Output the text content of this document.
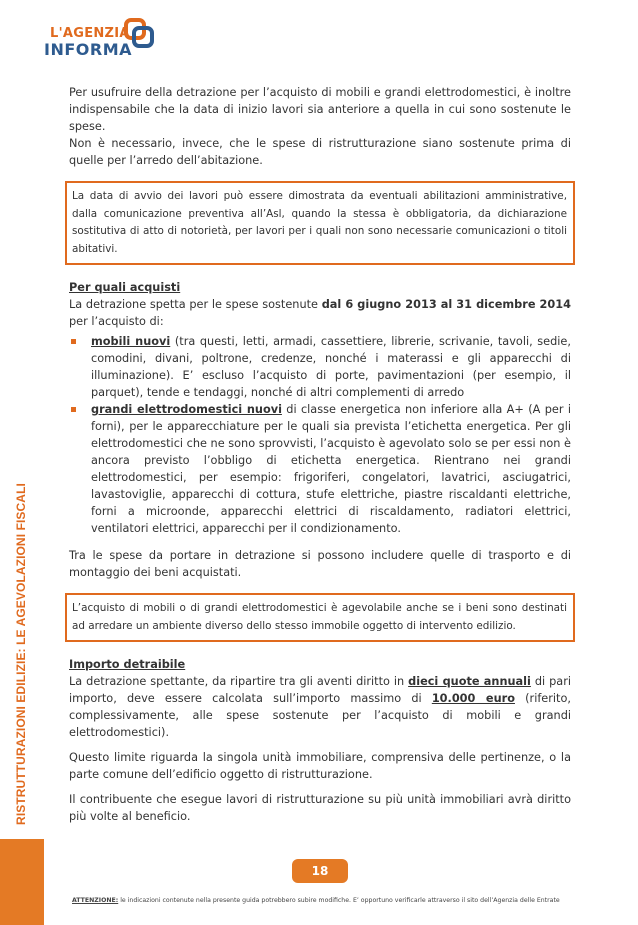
L'AGENZIA
INFORMA
RISTRUTTURAZIONI EDILIZIE: LE AGEVOLAZIONI FISCALI

Per usufruire della detrazione per l’acquisto di mobili e grandi elettrodomestici, è inoltre indispensabile che la data di inizio lavori sia anteriore a quella in cui sono sostenute le spese.

Non è necessario, invece, che le spese di ristrutturazione siano sostenute prima di quelle per l’arredo dell’abitazione.

La data di avvio dei lavori può essere dimostrata da eventuali abilitazioni amministrative, dalla comunicazione preventiva all’Asl, quando la stessa è obbligatoria, da dichiarazione sostitutiva di atto di notorietà, per lavori per i quali non sono necessarie comunicazioni o titoli abitativi.

Per quali acquisti

La detrazione spetta per le spese sostenute dal 6 giugno 2013 al 31 dicembre 2014 per l’acquisto di:

mobili nuovi (tra questi, letti, armadi, cassettiere, librerie, scrivanie, tavoli, sedie, comodini, divani, poltrone, credenze, nonché i materassi e gli apparecchi di illuminazione). E’ escluso l’acquisto di porte, pavimentazioni (per esempio, il parquet), tende e tendaggi, nonché di altri complementi di arredo
grandi elettrodomestici nuovi di classe energetica non inferiore alla A+ (A per i forni), per le apparecchiature per le quali sia prevista l’etichetta energetica. Per gli elettrodomestici che ne sono sprovvisti, l’acquisto è agevolato solo se per essi non è ancora previsto l’obbligo di etichetta energetica. Rientrano nei grandi elettrodomestici, per esempio: frigoriferi, congelatori, lavatrici, asciugatrici, lavastoviglie, apparecchi di cottura, stufe elettriche, piastre riscaldanti elettriche, forni a microonde, apparecchi elettrici di riscaldamento, radiatori elettrici, ventilatori elettrici, apparecchi per il condizionamento.

Tra le spese da portare in detrazione si possono includere quelle di trasporto e di montaggio dei beni acquistati.

L’acquisto di mobili o di grandi elettrodomestici è agevolabile anche se i beni sono destinati ad arredare un ambiente diverso dello stesso immobile oggetto di intervento edilizio.

Importo detraibile

La detrazione spettante, da ripartire tra gli aventi diritto in dieci quote annuali di pari importo, deve essere calcolata sull’importo massimo di 10.000 euro (riferito, complessivamente, alle spese sostenute per l’acquisto di mobili e grandi elettrodomestici).

Questo limite riguarda la singola unità immobiliare, comprensiva delle pertinenze, o la parte comune dell’edificio oggetto di ristrutturazione.

Il contribuente che esegue lavori di ristrutturazione su più unità immobiliari avrà diritto più volte al beneficio.

18
ATTENZIONE: le indicazioni contenute nella presente guida potrebbero subire modifiche. E’ opportuno verificarle attraverso il sito dell’Agenzia delle Entrate
